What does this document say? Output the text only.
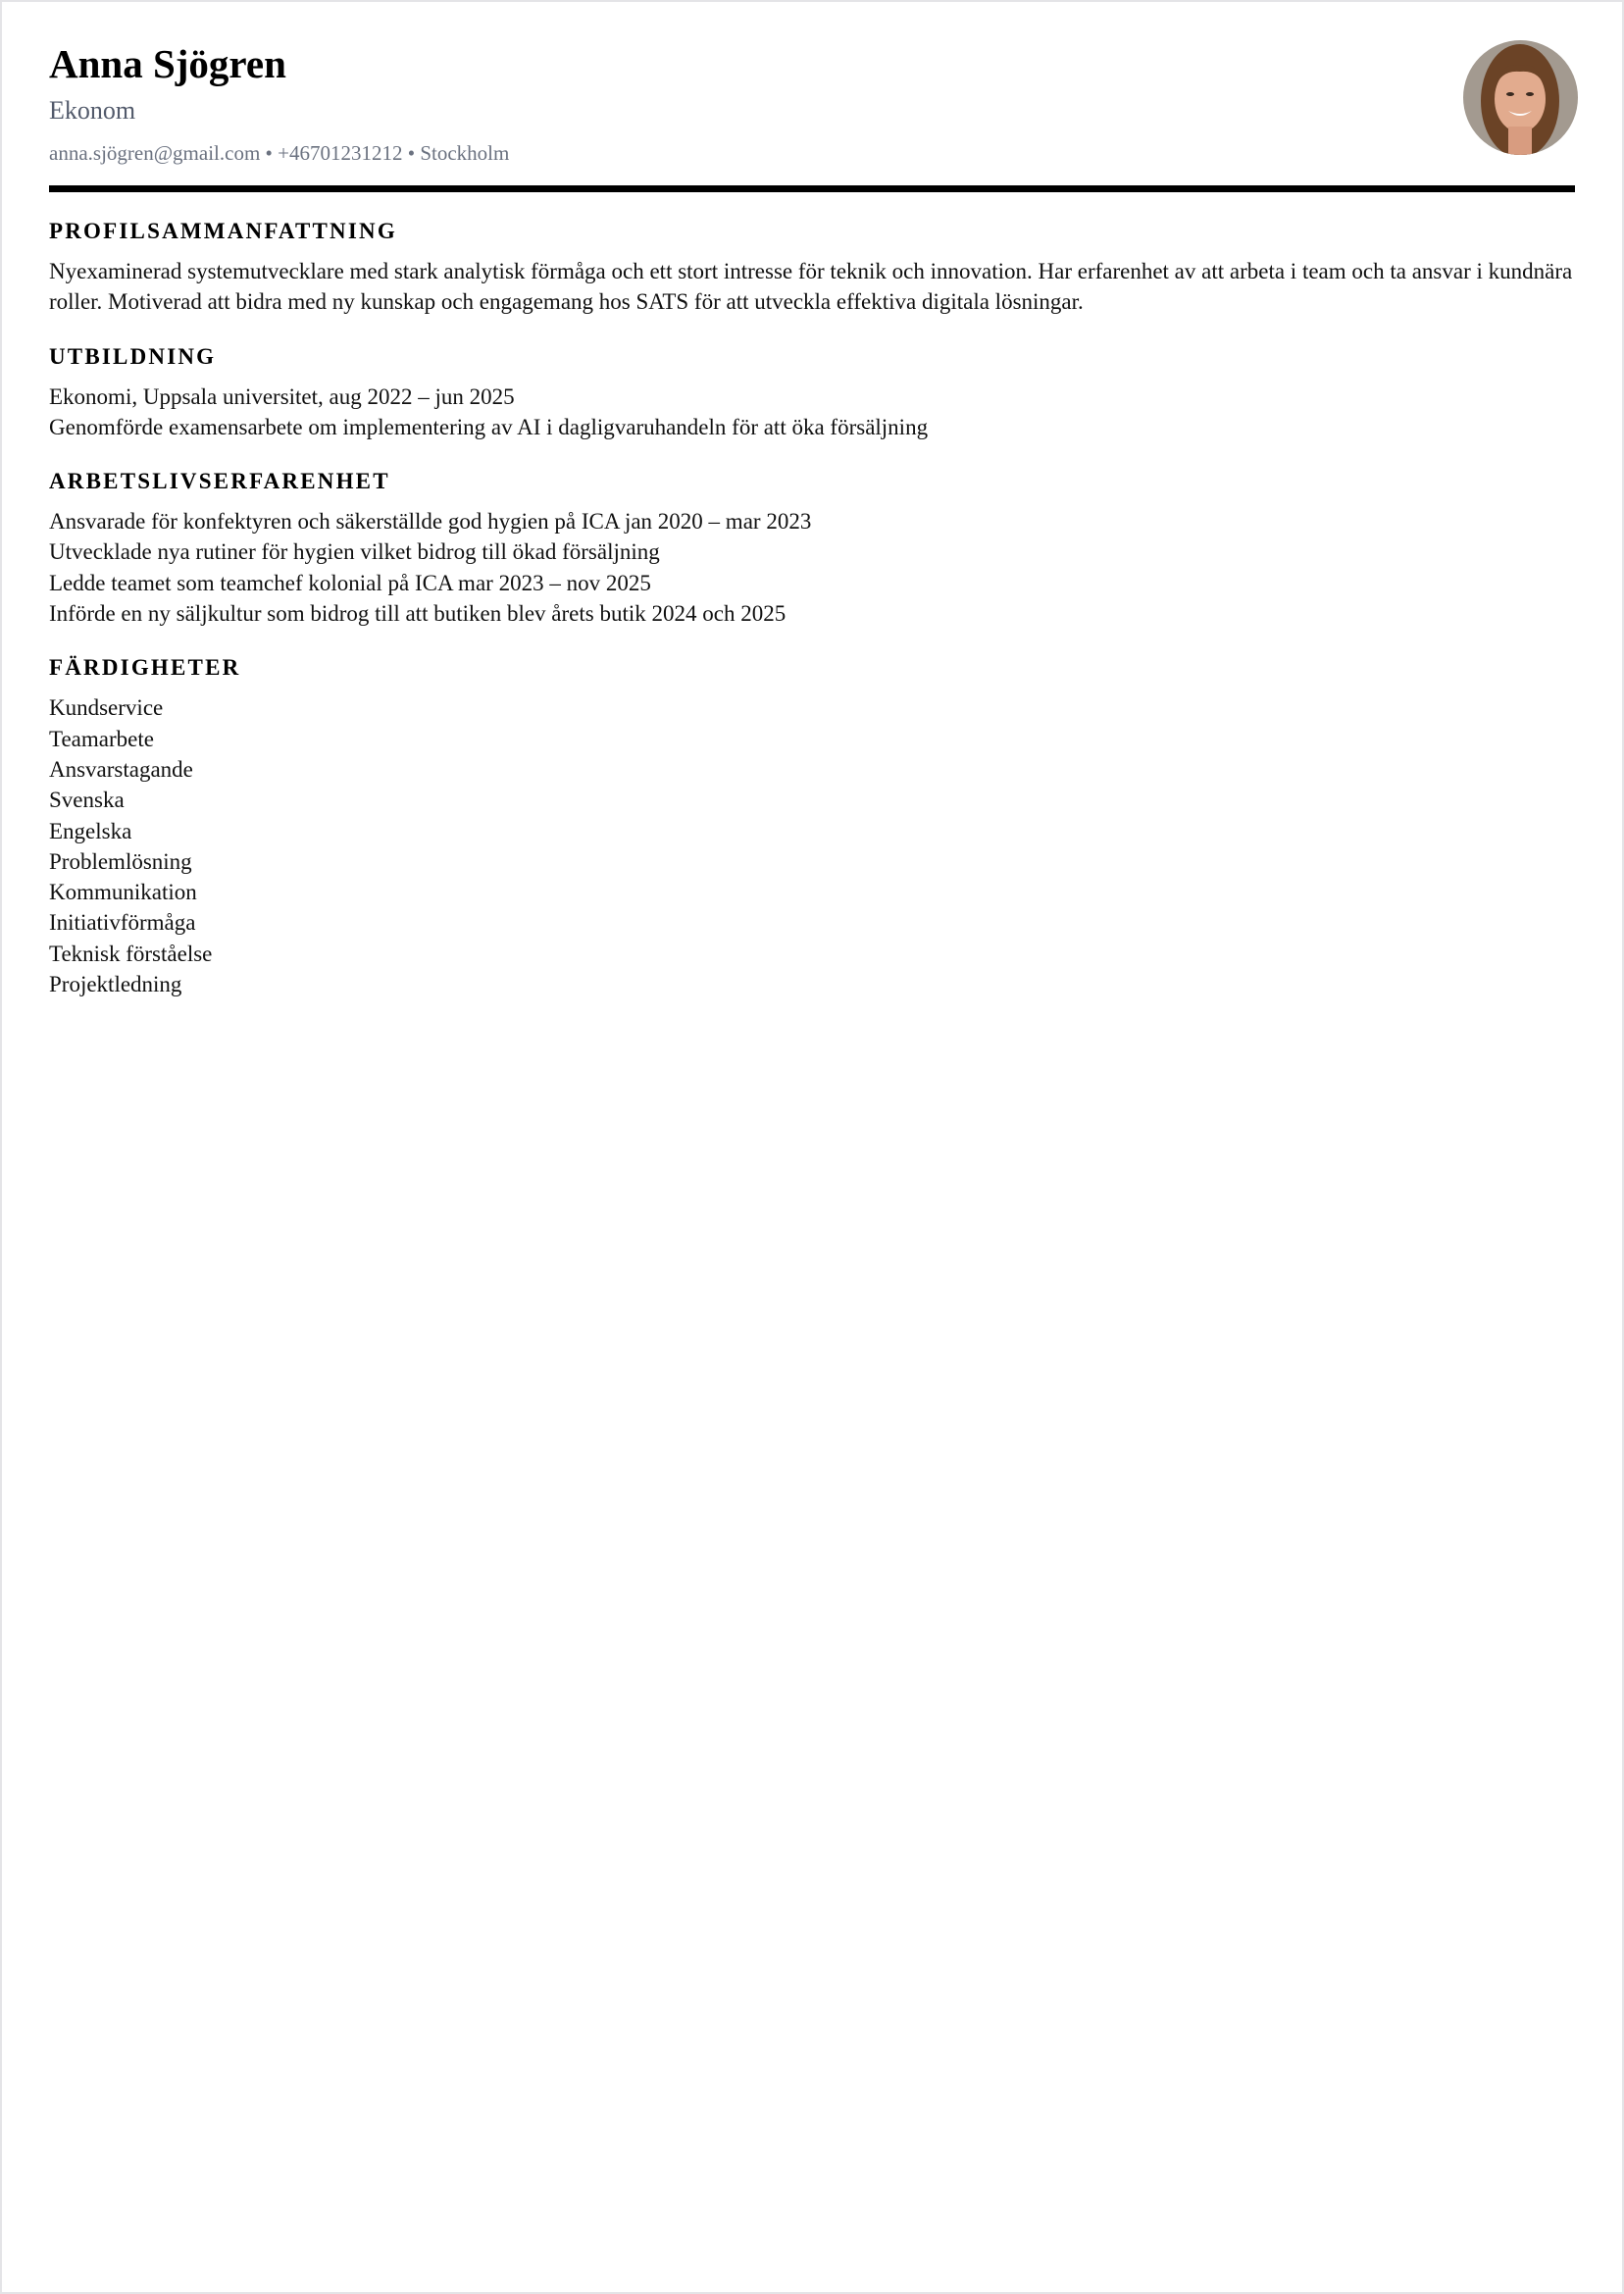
Anna Sjögren
Ekonom
anna.sjögren@gmail.com • +46701231212 • Stockholm
PROFILSAMMANFATTNING
Nyexaminerad systemutvecklare med stark analytisk förmåga och ett stort intresse för teknik och innovation. Har erfarenhet av att arbeta i team och ta ansvar i kundnära roller. Motiverad att bidra med ny kunskap och engagemang hos SATS för att utveckla effektiva digitala lösningar.
UTBILDNING
Ekonomi, Uppsala universitet, aug 2022 – jun 2025
Genomförde examensarbete om implementering av AI i dagligvaruhandeln för att öka försäljning
ARBETSLIVSERFARENHET
Ansvarade för konfektyren och säkerställde god hygien på ICA jan 2020 – mar 2023
Utvecklade nya rutiner för hygien vilket bidrog till ökad försäljning
Ledde teamet som teamchef kolonial på ICA mar 2023 – nov 2025
Införde en ny säljkultur som bidrog till att butiken blev årets butik 2024 och 2025
FÄRDIGHETER
Kundservice
Teamarbete
Ansvarstagande
Svenska
Engelska
Problemlösning
Kommunikation
Initiativförmåga
Teknisk förståelse
Projektledning
